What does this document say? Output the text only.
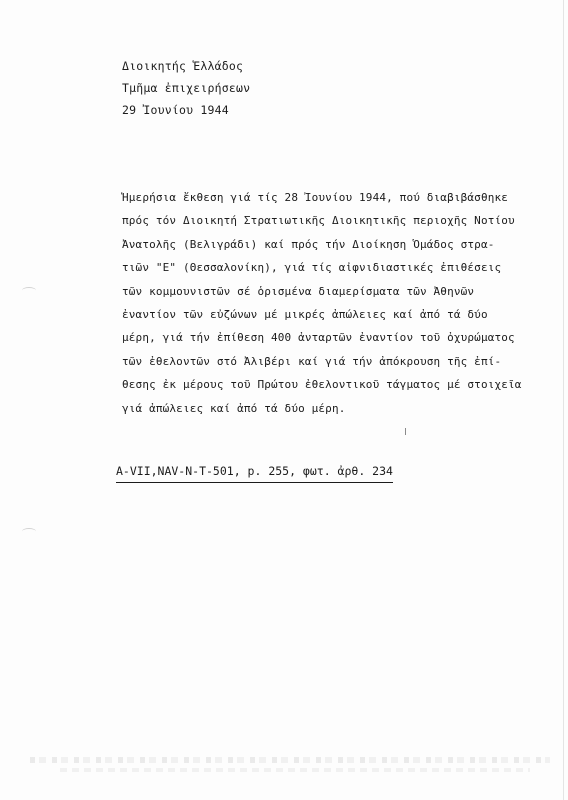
Διοικητής Ἑλλάδος
Τμῆμα ἐπιχειρήσεων
29 Ἰουνίου 1944
Ἡμερήσια ἔκθεση γιά τίς 28 Ἰουνίου 1944, πού διαβιβάσθηκε
πρός τόν Διοικητή Στρατιωτικῆς Διοικητικῆς περιοχῆς Νοτίου
Ἀνατολῆς (Βελιγράδι) καί πρός τήν Διοίκηση Ὁμάδος στρα-
τιῶν "Ε" (Θεσσαλονίκη), γιά τίς αἰφνιδιαστικές ἐπιθέσεις
τῶν κομμουνιστῶν σέ ὁρισμένα διαμερίσματα τῶν Ἀθηνῶν
ἐναντίον τῶν εὐζώνων μέ μικρές ἀπώλειες καί ἀπό τά δύο
μέρη, γιά τήν ἐπίθεση 400 ἀνταρτῶν ἐναντίον τοῦ ὀχυρώματος
τῶν ἐθελοντῶν στό Ἀλιβέρι καί γιά τήν ἀπόκρουση τῆς ἐπί-
θεσης ἐκ μέρους τοῦ Πρώτου ἐθελοντικοῦ τάγματος μέ στοιχεῖα
γιά ἀπώλειες καί ἀπό τά δύο μέρη.
A-VII,NAV-N-T-501, p. 255, φωτ. ἀρθ. 234
